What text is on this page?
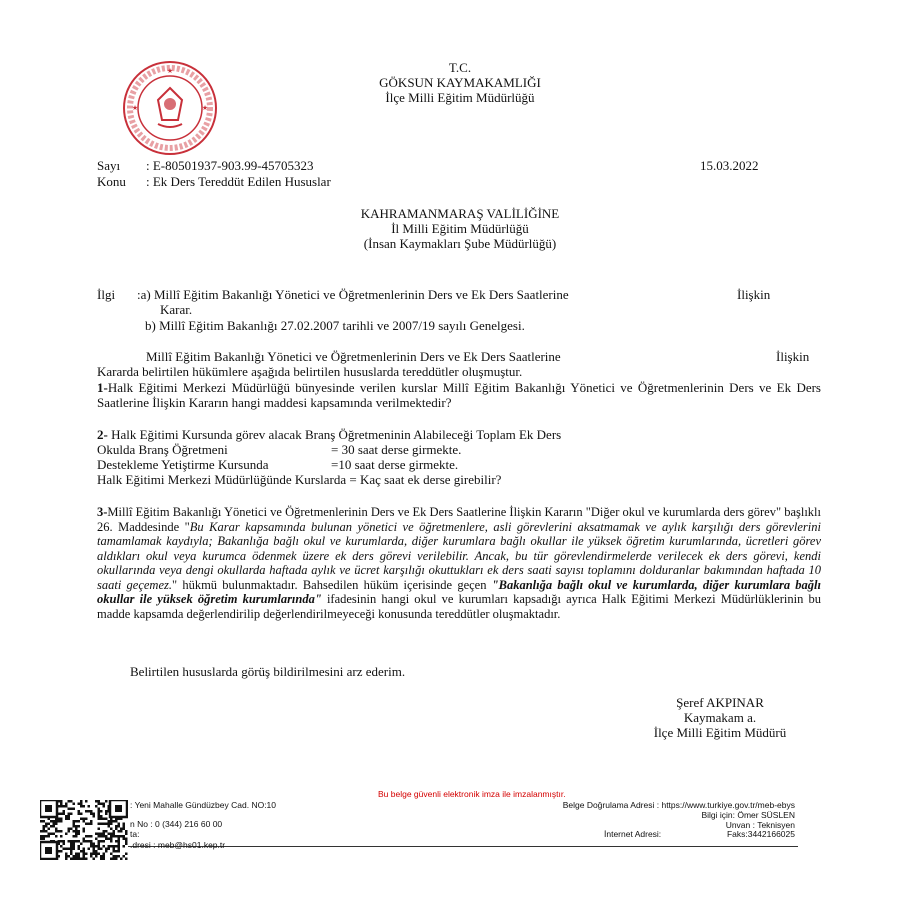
★
★
★
T.C.
GÖKSUN KAYMAKAMLIĞI
İlçe Milli Eğitim Müdürlüğü
Sayı : E-80501937-903.99-45705323	15.03.2022
Konu : Ek Ders Tereddüt Edilen Hususlar
KAHRAMANMARAŞ VALİLİĞİNE
İl Milli Eğitim Müdürlüğü
(İnsan Kaymakları Şube Müdürlüğü)
İlgi :a) Millî Eğitim Bakanlığı Yönetici ve Öğretmenlerinin Ders ve Ek Ders Saatlerine	İlişkin
Karar.
b) Millî Eğitim Bakanlığı 27.02.2007 tarihli ve 2007/19 sayılı Genelgesi.
Millî Eğitim Bakanlığı Yönetici ve Öğretmenlerinin Ders ve Ek Ders Saatlerine	İlişkin
Kararda belirtilen hükümlere aşağıda belirtilen hususlarda tereddütler oluşmuştur.
1-Halk Eğitimi Merkezi Müdürlüğü bünyesinde verilen kurslar Millî Eğitim Bakanlığı Yönetici ve Öğretmenlerinin Ders ve Ek Ders Saatlerine İlişkin Kararın hangi maddesi kapsamında verilmektedir?
2- Halk Eğitimi Kursunda görev alacak Branş Öğretmeninin Alabileceği Toplam Ek Ders
Okulda Branş Öğretmeni	= 30 saat derse girmekte.
Destekleme Yetiştirme Kursunda	=10 saat derse girmekte.
Halk Eğitimi Merkezi Müdürlüğünde Kurslarda = Kaç saat ek derse girebilir?
3-Millî Eğitim Bakanlığı Yönetici ve Öğretmenlerinin Ders ve Ek Ders Saatlerine İlişkin Kararın "Diğer okul ve kurumlarda ders görev" başlıklı 26. Maddesinde "Bu Karar kapsamında bulunan yönetici ve öğretmenlere, asli görevlerini aksatmamak ve aylık karşılığı ders görevlerini tamamlamak kaydıyla; Bakanlığa bağlı okul ve kurumlarda, diğer kurumlara bağlı okullar ile yüksek öğretim kurumlarında, ücretleri görev aldıkları okul veya kurumca ödenmek üzere ek ders görevi verilebilir. Ancak, bu tür görevlendirmelerde verilecek ek ders görevi, kendi okullarında veya dengi okullarda haftada aylık ve ücret karşılığı okuttukları ek ders saati sayısı toplamını dolduranlar bakımından haftada 10 saati geçemez." hükmü bulunmaktadır. Bahsedilen hüküm içerisinde geçen "Bakanlığa bağlı okul ve kurumlarda, diğer kurumlara bağlı okullar ile yüksek öğretim kurumlarında" ifadesinin hangi okul ve kurumları kapsadığı ayrıca Halk Eğitimi Merkezi Müdürlüklerinin bu madde kapsamda değerlendirilip değerlendirilmeyeceği konusunda tereddütler oluşmaktadır.
Belirtilen hususlarda görüş bildirilmesini arz ederim.
Şeref AKPINAR
Kaymakam a.
İlçe Milli Eğitim Müdürü
Bu belge güvenli elektronik imza ile imzalanmıştır.
: Yeni Mahalle Gündüzbey Cad. NO:10
n No : 0 (344) 216 60 00
ta:
.dresi : meb@hs01.kep.tr
Belge Doğrulama Adresi : https://www.turkiye.gov.tr/meb-ebys
Bilgi için: Ömer SÜSLEN
Unvan : Teknisyen
İnternet Adresi:	Faks:3442166025
